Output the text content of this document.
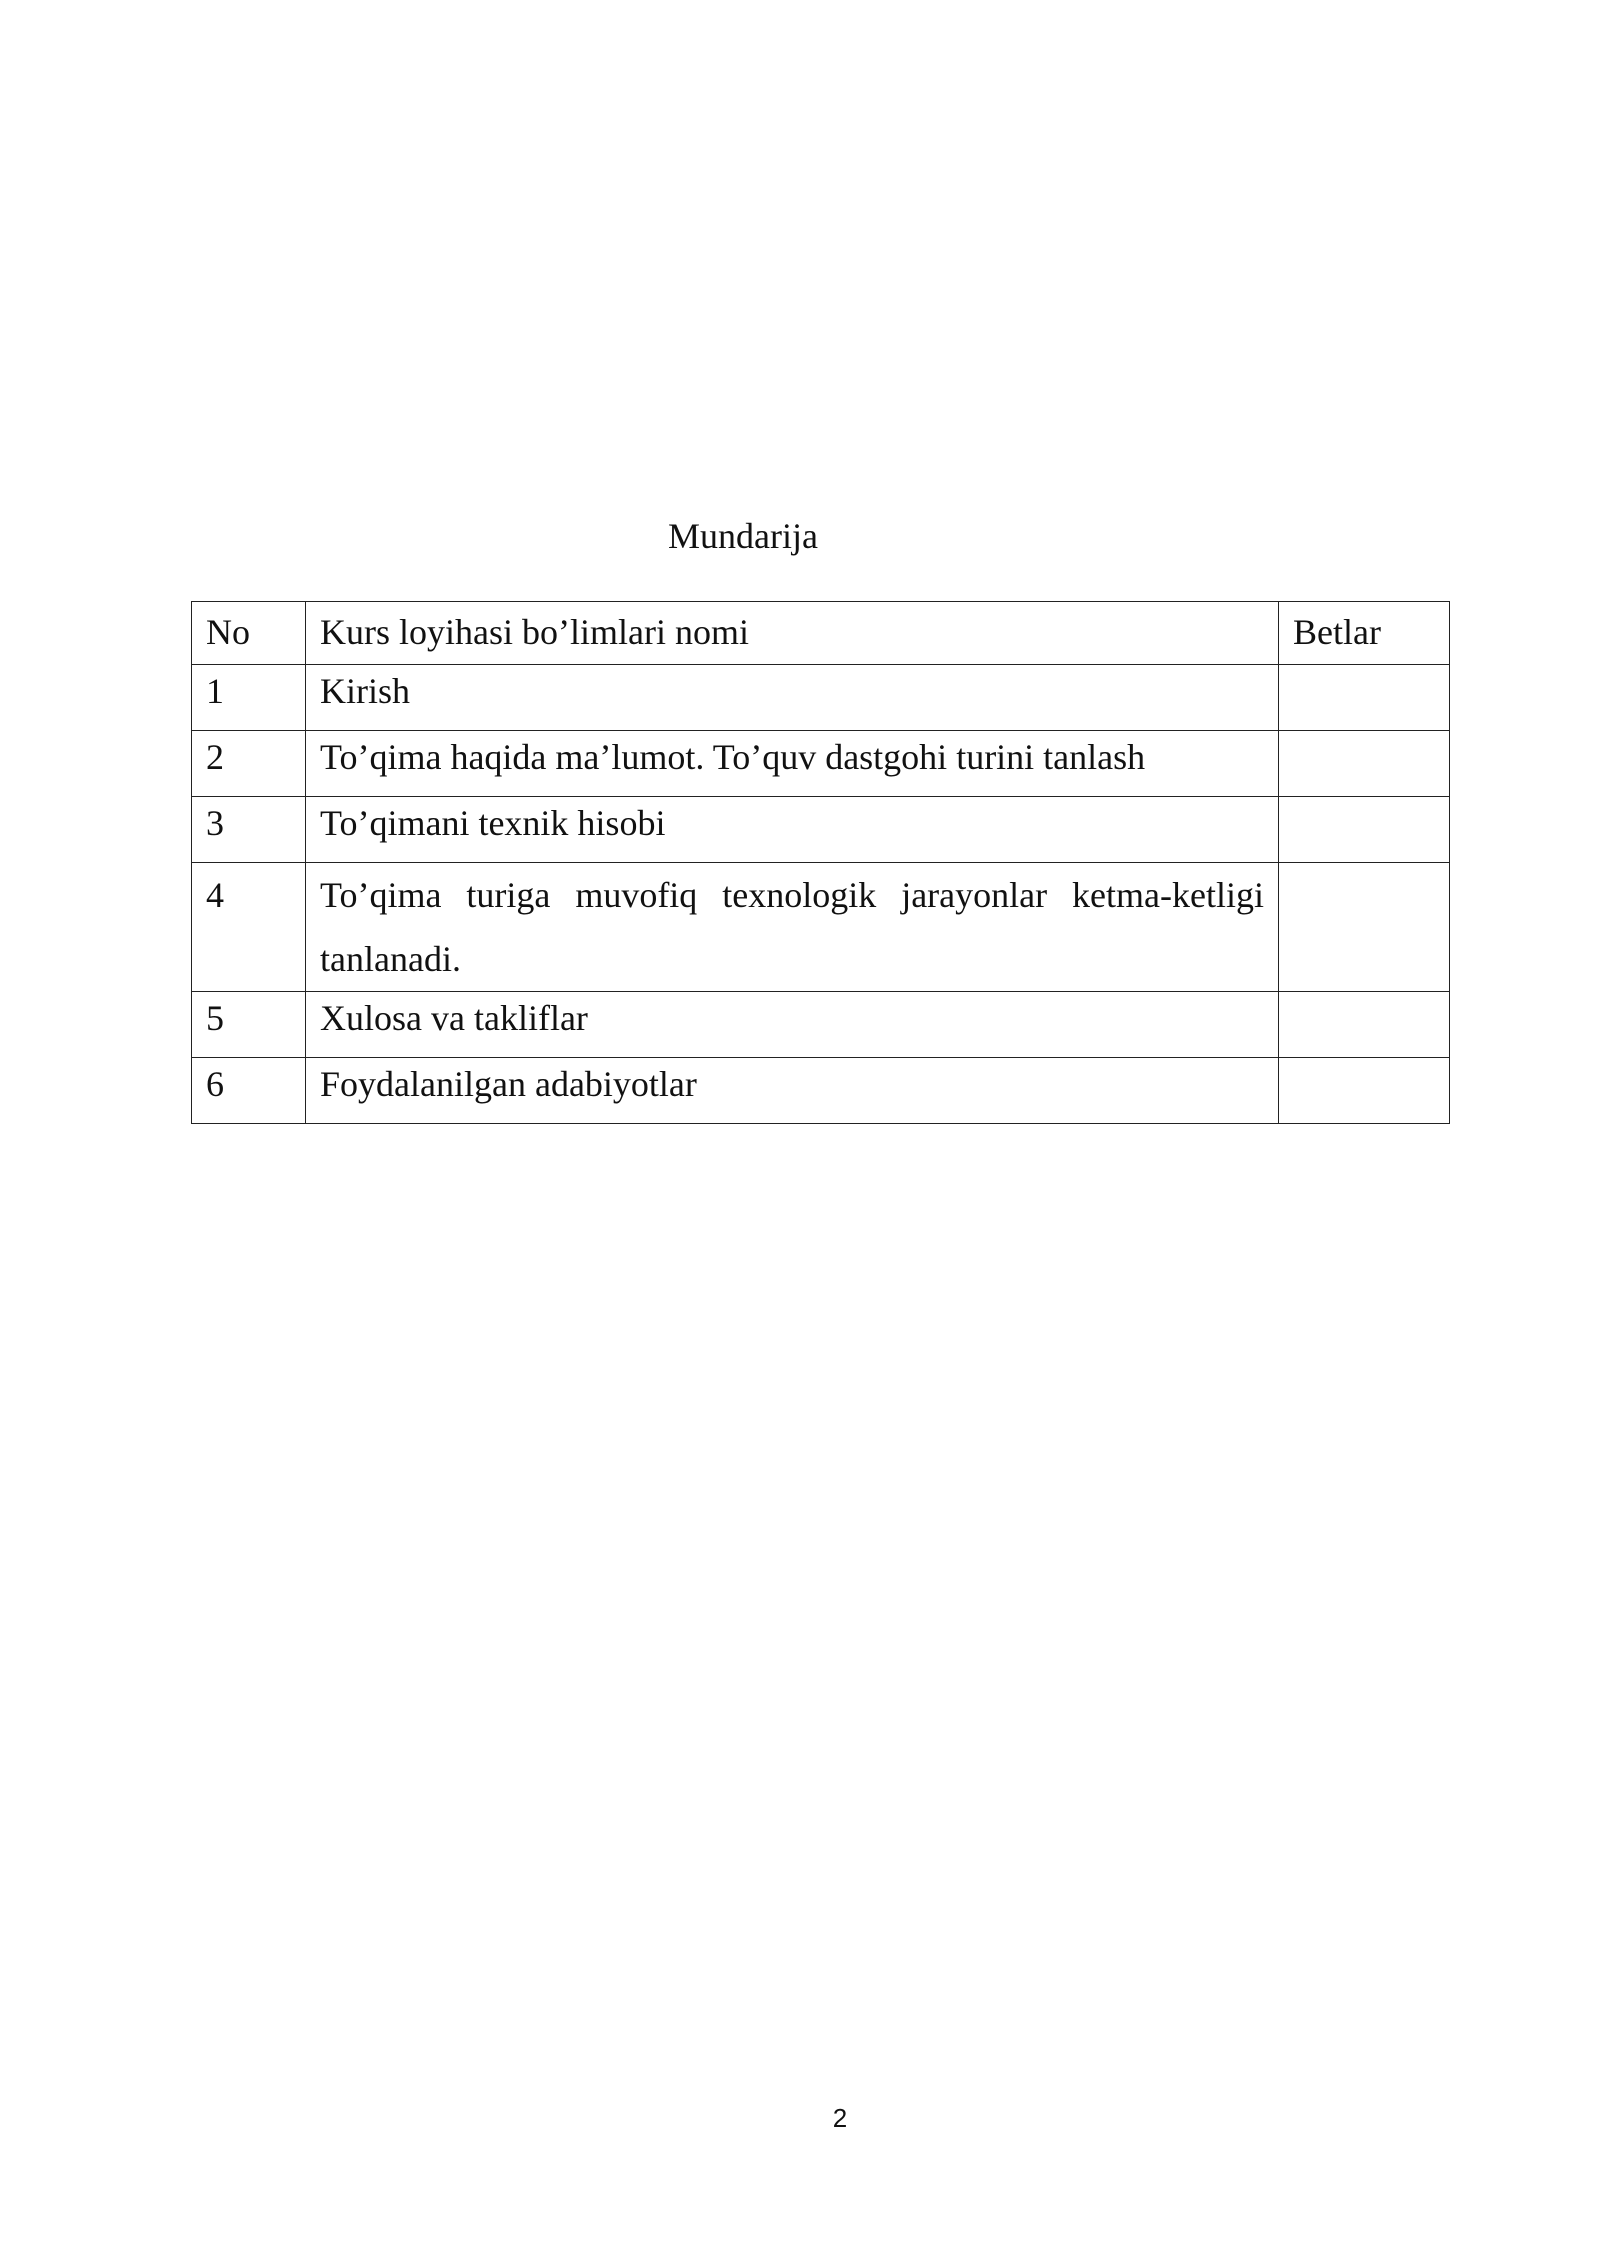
Mundarija
No	Kurs loyihasi bo’limlari nomi	Betlar
1	Kirish	
2	To’qima haqida ma’lumot. To’quv dastgohi turini tanlash	
3	To’qimani texnik hisobi	
4	To’qima turiga muvofiq texnologik jarayonlar ketma-ketligi tanlanadi.	
5	Xulosa va takliflar	
6	Foydalanilgan adabiyotlar	
2
